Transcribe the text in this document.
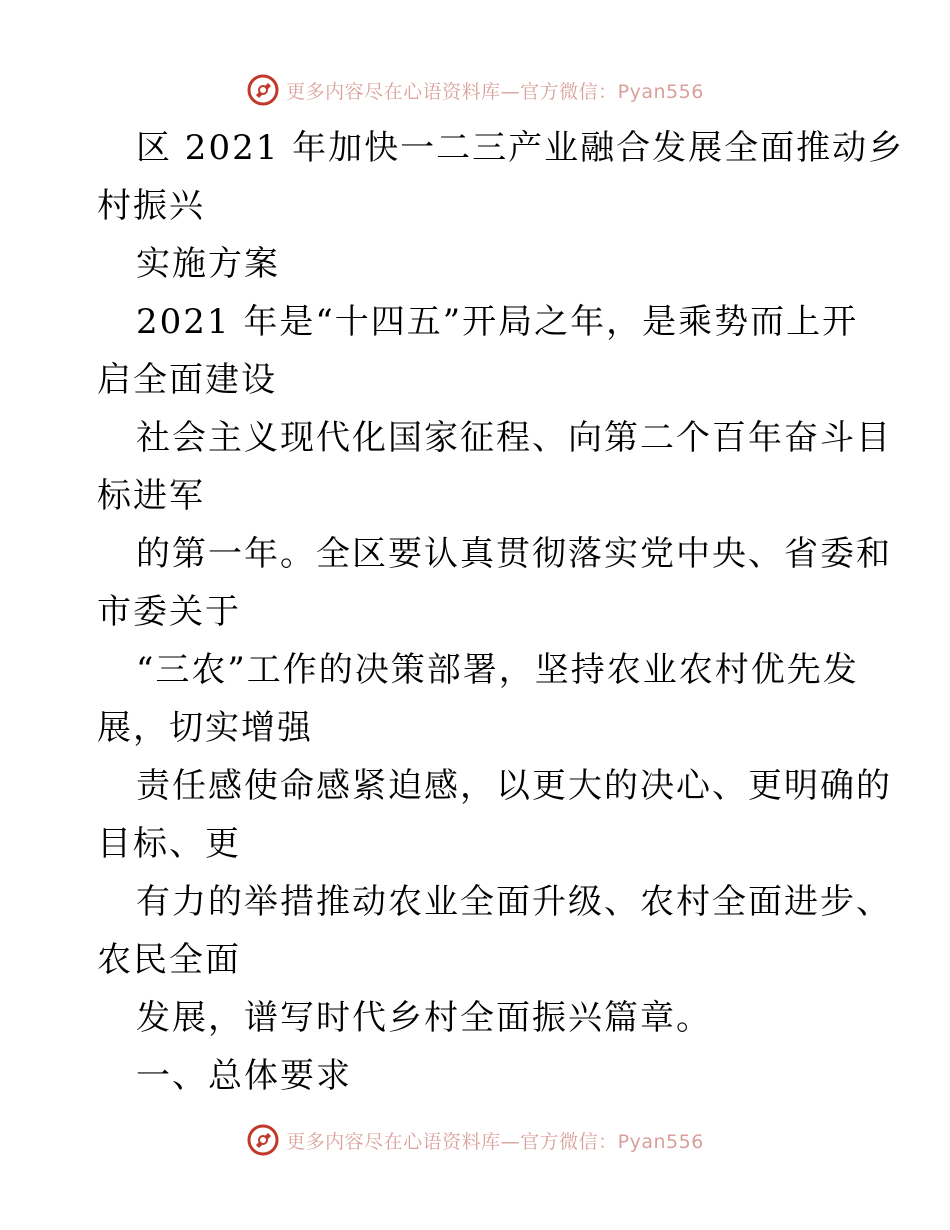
更多内容尽在心语资料库—官方微信：Pyan556
区 2021 年加快一二三产业融合发展全面推动乡
村振兴
实施方案
2021 年是“十四五”开局之年，是乘势而上开
启全面建设
社会主义现代化国家征程、向第二个百年奋斗目
标进军
的第一年。全区要认真贯彻落实党中央、省委和
市委关于
“三农”工作的决策部署，坚持农业农村优先发
展，切实增强
责任感使命感紧迫感，以更大的决心、更明确的
目标、更
有力的举措推动农业全面升级、农村全面进步、
农民全面
发展，谱写时代乡村全面振兴篇章。
一、总体要求
更多内容尽在心语资料库—官方微信：Pyan556
